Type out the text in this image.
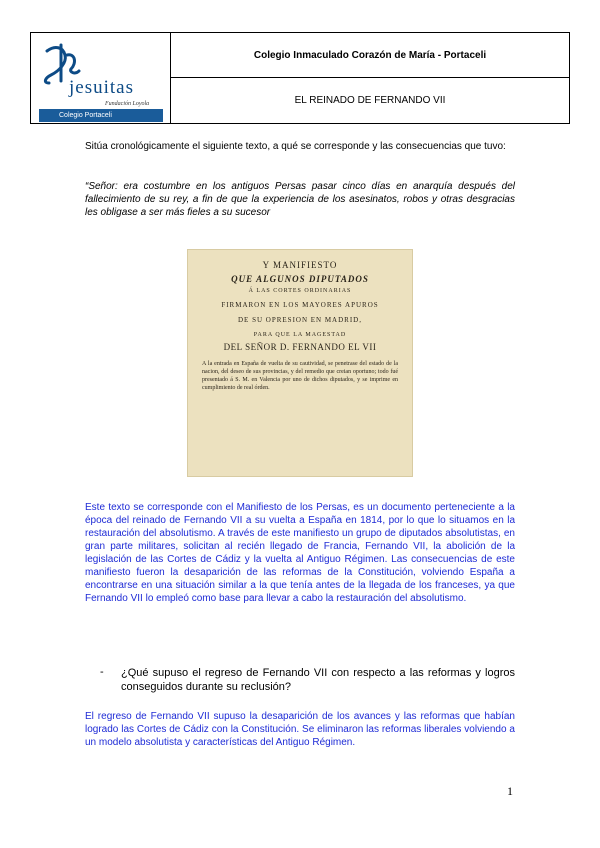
jesuitas
Fundación Loyola
Colegio Portaceli
Colegio Inmaculado Corazón de María - Portaceli
EL REINADO DE FERNANDO VII
Sitúa cronológicamente el siguiente texto, a qué se corresponde y las consecuencias que tuvo:
“Señor: era costumbre en los antiguos Persas pasar cinco días en anarquía después del fallecimiento de su rey, a fin de que la experiencia de los asesinatos, robos y otras desgracias les obligase a ser más fieles a su sucesor
Y MANIFIESTO
QUE ALGUNOS DIPUTADOS
Á LAS CORTES ORDINARIAS
FIRMARON EN LOS MAYORES APUROS
DE SU OPRESION EN MADRID,
PARA QUE LA MAGESTAD
DEL SEÑOR D. FERNANDO EL VII
A la entrada en España de vuelta de su cautividad, se penetrase del estado de la nacion, del deseo de sus provincias, y del remedio que creian oportuno; todo fué presentado á S. M. en Valencia por uno de dichos diputados, y se imprime en cumplimiento de real órden.
Este texto se corresponde con el Manifiesto de los Persas, es un documento perteneciente a la época del reinado de Fernando VII a su vuelta a España en 1814, por lo que lo situamos en la restauración del absolutismo. A través de este manifiesto un grupo de diputados absolutistas, en gran parte militares, solicitan al recién llegado de Francia, Fernando VII, la abolición de la legislación de las Cortes de Cádiz y la vuelta al Antiguo Régimen. Las consecuencias de este manifiesto fueron la desaparición de las reformas de la Constitución, volviendo España a encontrarse en una situación similar a la que tenía antes de la llegada de los franceses, ya que Fernando VII lo empleó como base para llevar a cabo la restauración del absolutismo.
- ¿Qué supuso el regreso de Fernando VII con respecto a las reformas y logros conseguidos durante su reclusión?
El regreso de Fernando VII supuso la desaparición de los avances y las reformas que habían logrado las Cortes de Cádiz con la Constitución. Se eliminaron las reformas liberales volviendo a un modelo absolutista y características del Antiguo Régimen.
1
